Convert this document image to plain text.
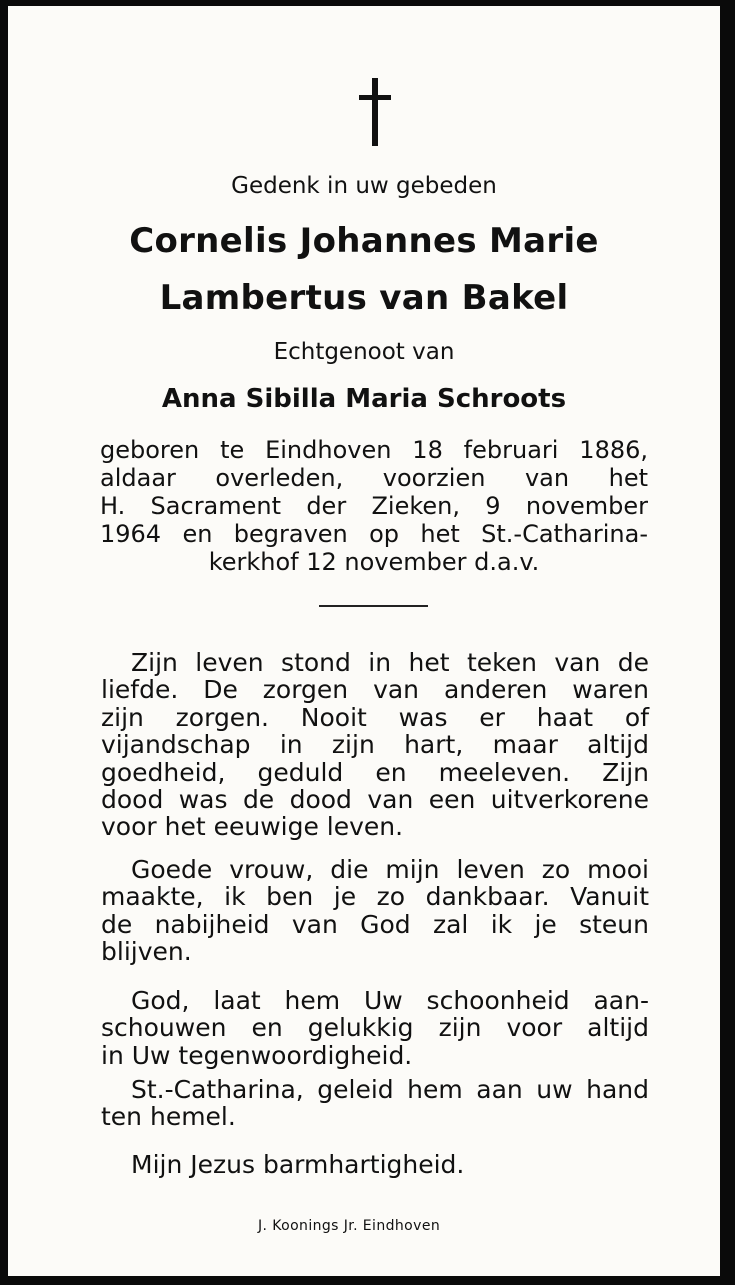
Gedenk in uw gebeden

Cornelis Johannes Marie

Lambertus van Bakel

Echtgenoot van

Anna Sibilla Maria Schroots

geboren te Eindhoven 18 februari 1886,
aldaar overleden, voorzien van het
H. Sacrament der Zieken, 9 november
1964 en begraven op het St.-Catharina-
kerkhof 12 november d.a.v.
Zijn leven stond in het teken van de
liefde. De zorgen van anderen waren
zijn zorgen. Nooit was er haat of
vijandschap in zijn hart, maar altijd
goedheid, geduld en meeleven. Zijn
dood was de dood van een uitverkorene
voor het eeuwige leven.
Goede vrouw, die mijn leven zo mooi
maakte, ik ben je zo dankbaar. Vanuit
de nabijheid van God zal ik je steun
blijven.
God, laat hem Uw schoonheid aan-
schouwen en gelukkig zijn voor altijd
in Uw tegenwoordigheid.
St.-Catharina, geleid hem aan uw hand
ten hemel.
Mijn Jezus barmhartigheid.

J. Koonings Jr. Eindhoven
